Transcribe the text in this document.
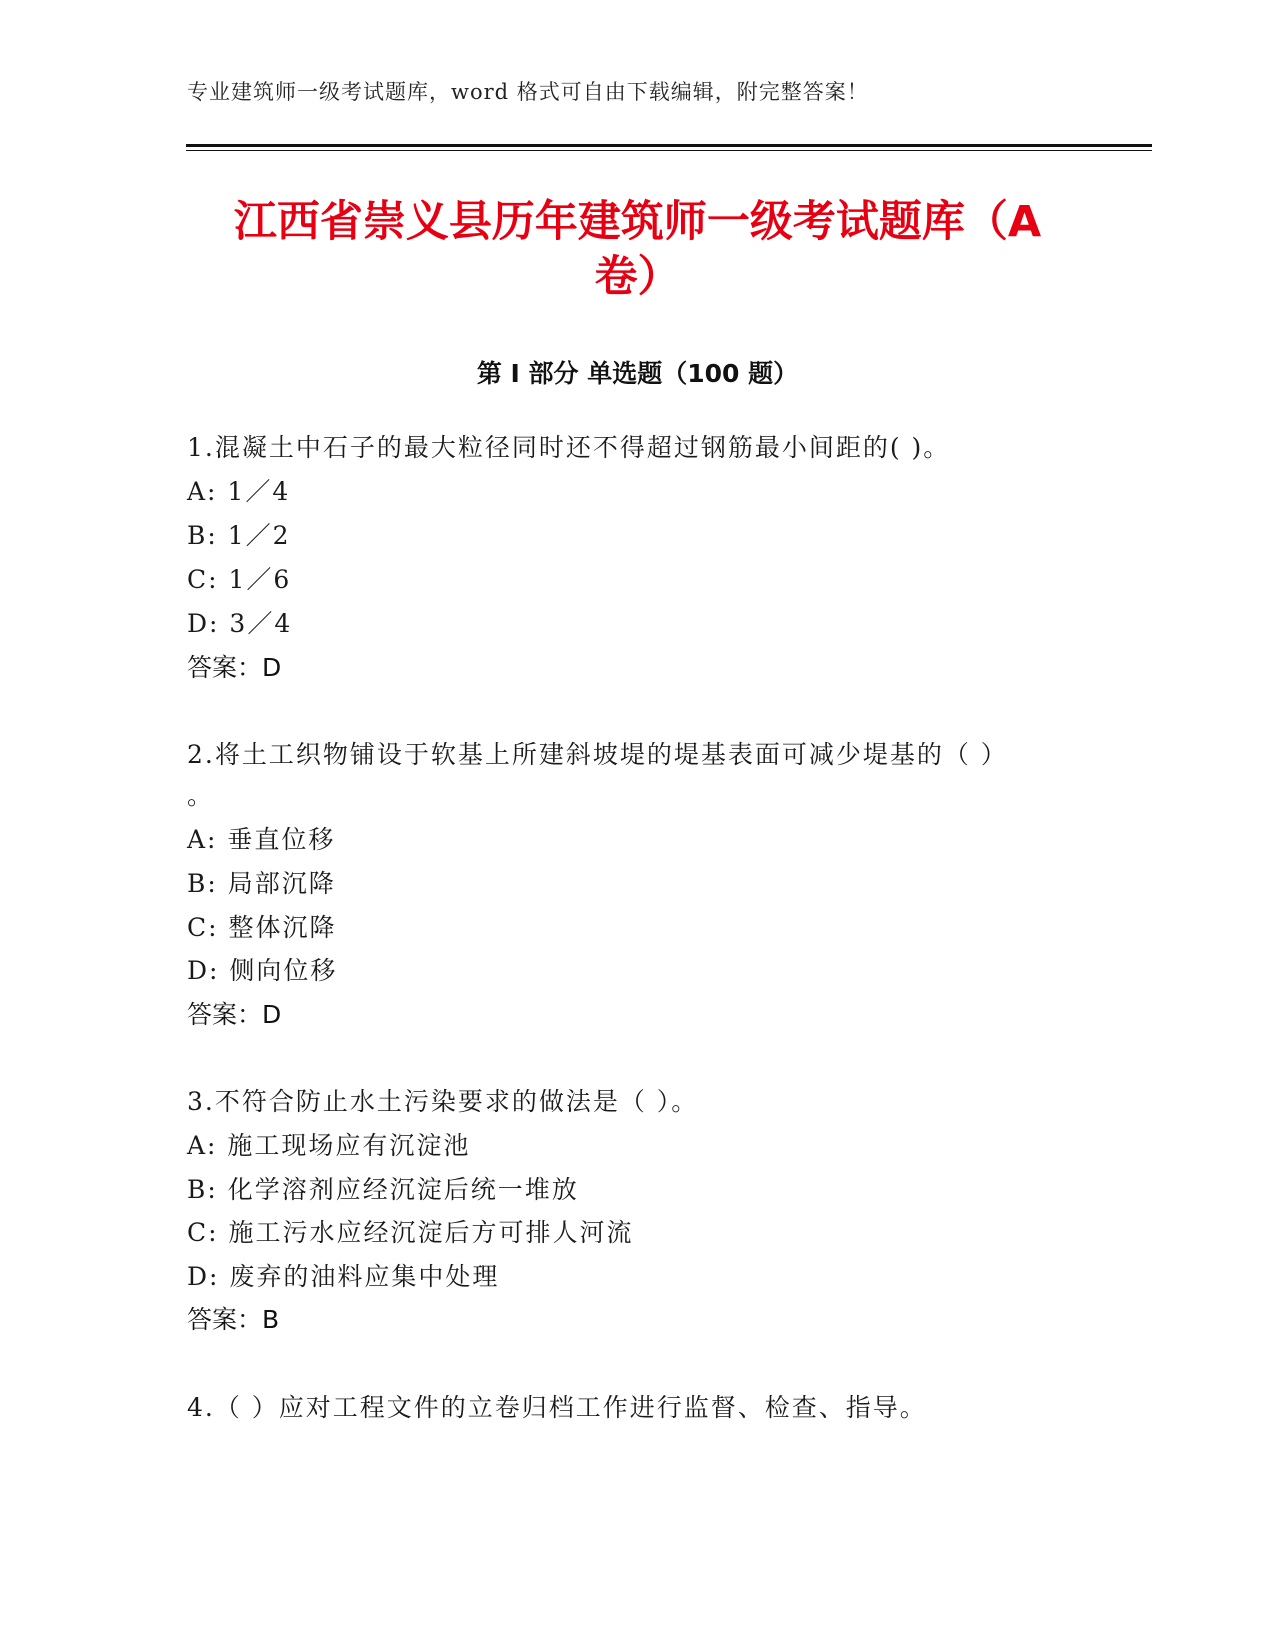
专业建筑师一级考试题库，word 格式可自由下载编辑，附完整答案！
江西省崇义县历年建筑师一级考试题库（A
卷）
第 I 部分 单选题（100 题）
1.混凝土中石子的最大粒径同时还不得超过钢筋最小间距的( )。
A: 1／4
B: 1／2
C: 1／6
D: 3／4
答案：D
2.将土工织物铺设于软基上所建斜坡堤的堤基表面可减少堤基的（ ）
。
A: 垂直位移
B: 局部沉降
C: 整体沉降
D: 侧向位移
答案：D
3.不符合防止水土污染要求的做法是（ ）。
A: 施工现场应有沉淀池
B: 化学溶剂应经沉淀后统一堆放
C: 施工污水应经沉淀后方可排人河流
D: 废弃的油料应集中处理
答案：B
4.（ ）应对工程文件的立卷归档工作进行监督、检查、指导。
